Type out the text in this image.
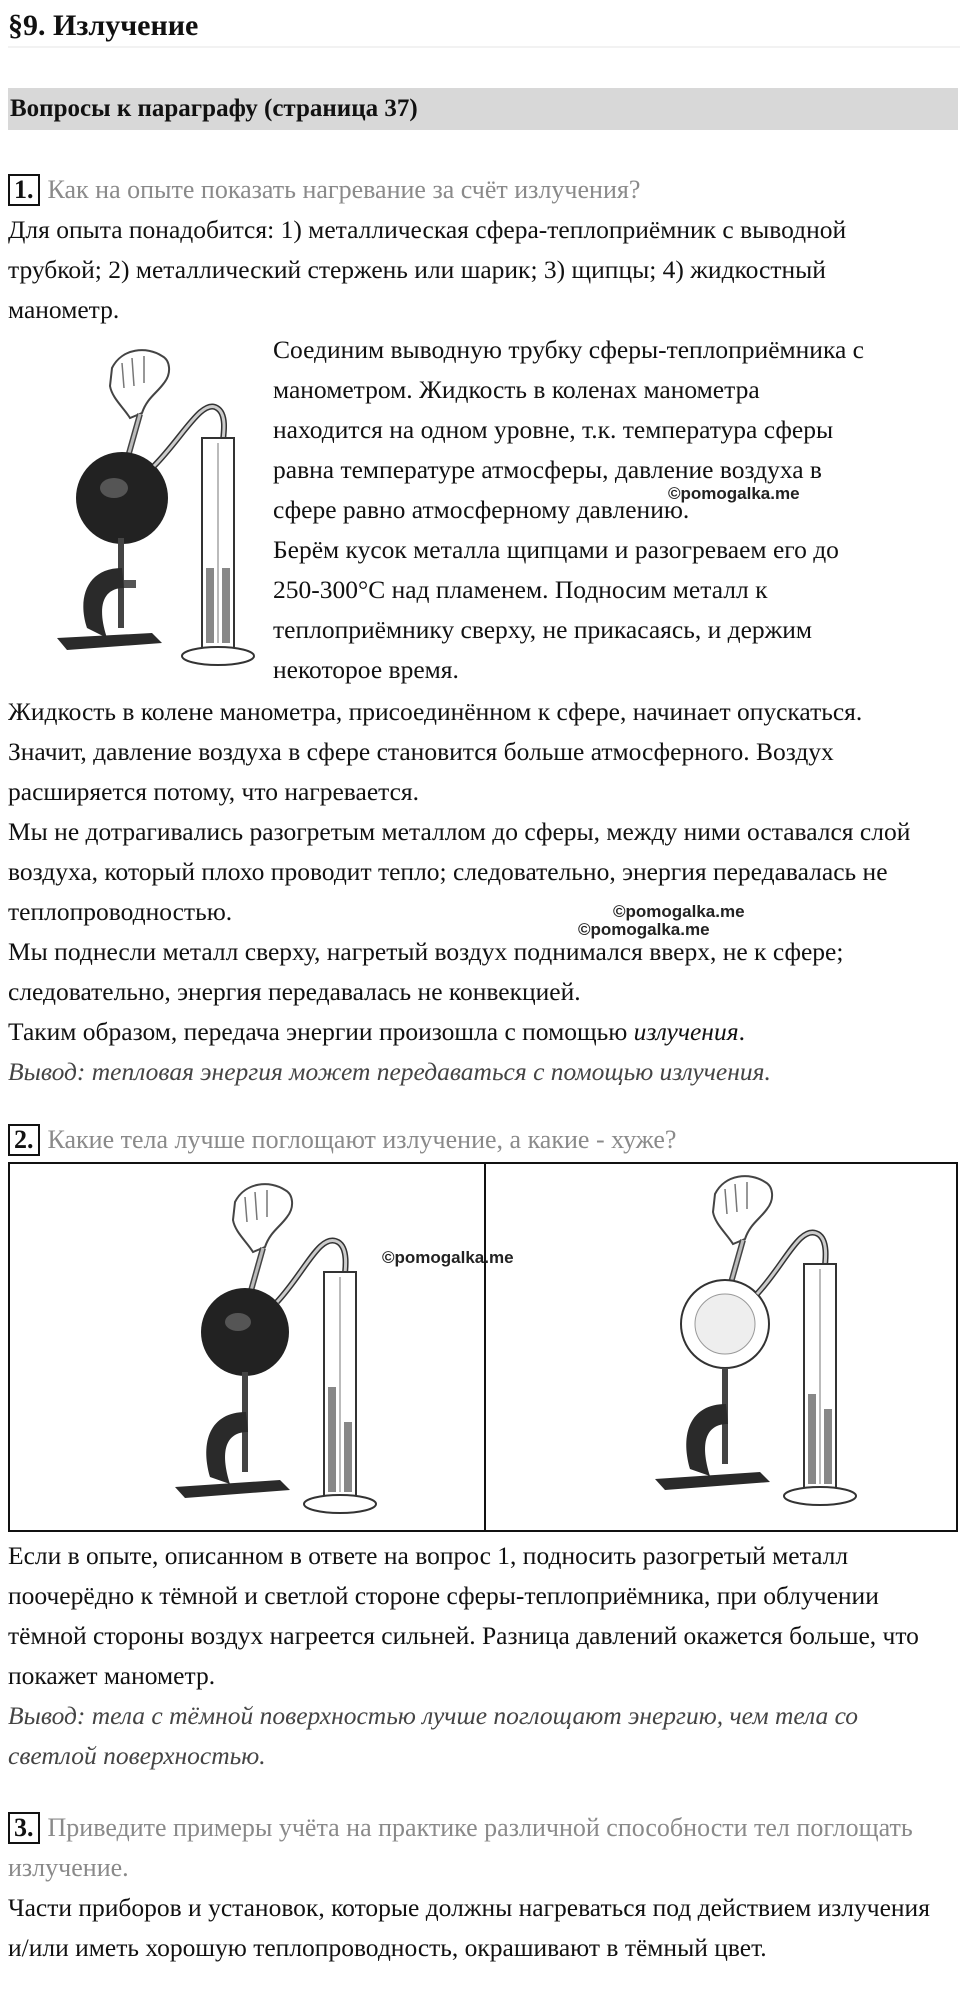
§9. Излучение
Вопросы к параграфу (страница 37)
1. Как на опыте показать нагревание за счёт излучения?

Для опыта понадобится: 1) металлическая сфера-теплоприёмник с выводной трубкой; 2) металлический стержень или шарик; 3) щипцы; 4) жидкостный манометр.

Соединим выводную трубку сферы-теплоприёмника с
манометром. Жидкость в коленах манометра
находится на одном уровне, т.к. температура сферы
равна температуре атмосферы, давление воздуха в
сфере равно атмосферному давлению.
Берём кусок металла щипцами и разогреваем его до
250-300°С над пламенем. Подносим металл к
теплоприёмнику сверху, не прикасаясь, и держим
некоторое время.
©pomogalka.me

Жидкость в колене манометра, присоединённом к сфере, начинает опускаться. Значит, давление воздуха в сфере становится больше атмосферного. Воздух расширяется потому, что нагревается.

Мы не дотрагивались разогретым металлом до сферы, между ними оставался слой воздуха, который плохо проводит тепло; следовательно, энергия передавалась не теплопроводностью.	©pomogalka.me
©pomogalka.me

Мы поднесли металл сверху, нагретый воздух поднимался вверх, не к сфере; следовательно, энергия передавалась не конвекцией.

Таким образом, передача энергии произошла с помощью излучения.

Вывод: тепловая энергия может передаваться с помощью излучения.

2. Какие тела лучше поглощают излучение, а какие - хуже?
©pomogalka.me

Если в опыте, описанном в ответе на вопрос 1, подносить разогретый металл поочерёдно к тёмной и светлой стороне сферы-теплоприёмника, при облучении тёмной стороны воздух нагреется сильней. Разница давлений окажется больше, что покажет манометр.

Вывод: тела с тёмной поверхностью лучше поглощают энергию, чем тела со светлой поверхностью.

3. Приведите примеры учёта на практике различной способности тел поглощать излучение.

Части приборов и установок, которые должны нагреваться под действием излучения и/или иметь хорошую теплопроводность, окрашивают в тёмный цвет.
